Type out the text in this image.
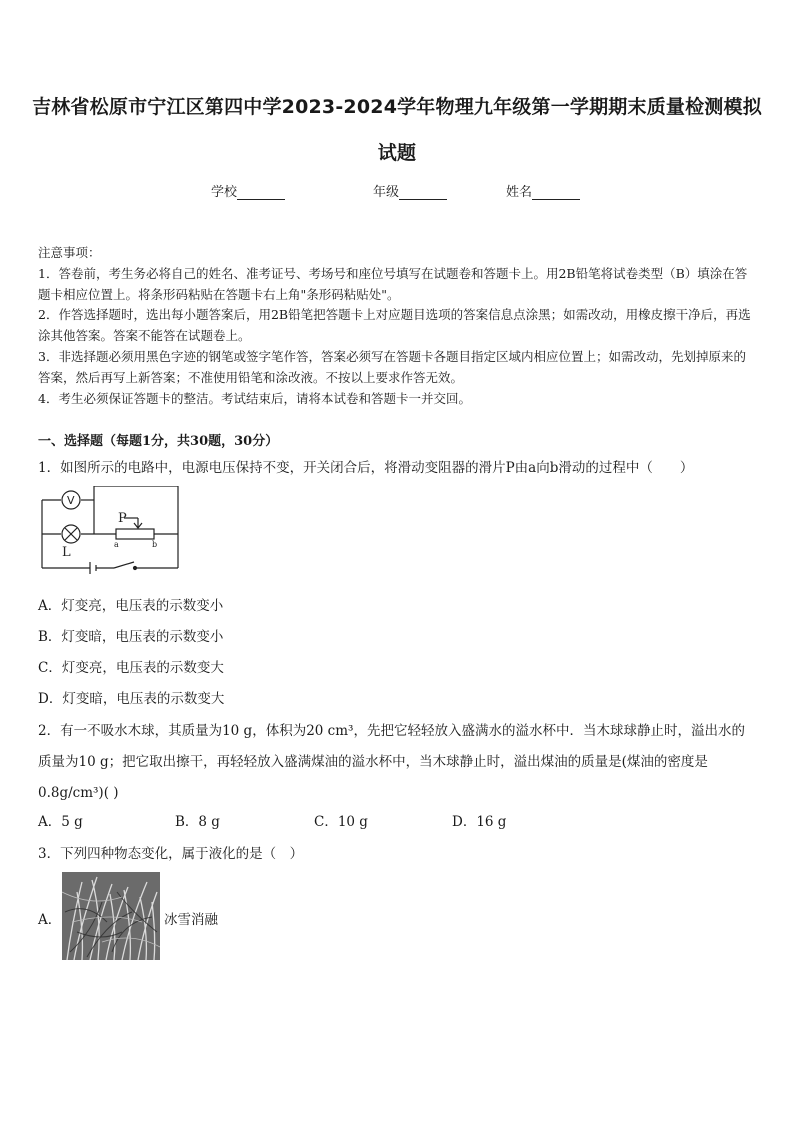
吉林省松原市宁江区第四中学2023-2024学年物理九年级第一学期期末质量检测模拟
试题
学校	年级	姓名

注意事项：

1．答卷前，考生务必将自己的姓名、准考证号、考场号和座位号填写在试题卷和答题卡上。用2B铅笔将试卷类型（B）填涂在答题卡相应位置上。将条形码粘贴在答题卡右上角"条形码粘贴处"。

2．作答选择题时，选出每小题答案后，用2B铅笔把答题卡上对应题目选项的答案信息点涂黑；如需改动，用橡皮擦干净后，再选涂其他答案。答案不能答在试题卷上。

3．非选择题必须用黑色字迹的钢笔或签字笔作答，答案必须写在答题卡各题目指定区域内相应位置上；如需改动，先划掉原来的答案，然后再写上新答案；不准使用铅笔和涂改液。不按以上要求作答无效。

4．考生必须保证答题卡的整洁。考试结束后，请将本试卷和答题卡一并交回。

一、选择题（每题1分，共30题，30分）
1．如图所示的电路中，电源电压保持不变，开关闭合后，将滑动变阻器的滑片P由a向b滑动的过程中（　　）
V
L
P
a	b
A．灯变亮，电压表的示数变小
B．灯变暗，电压表的示数变小
C．灯变亮，电压表的示数变大
D．灯变暗，电压表的示数变大
2．有一不吸水木球，其质量为10 g，体积为20 cm³，先把它轻轻放入盛满水的溢水杯中．当木球球静止时，溢出水的质量为10 g；把它取出擦干，再轻轻放入盛满煤油的溢水杯中，当木球静止时，溢出煤油的质量是(煤油的密度是0.8g/cm³)( )
A．5 g	B．8 g	C．10 g	D．16 g
3．下列四种物态变化，属于液化的是（　）
A．	冰雪消融
